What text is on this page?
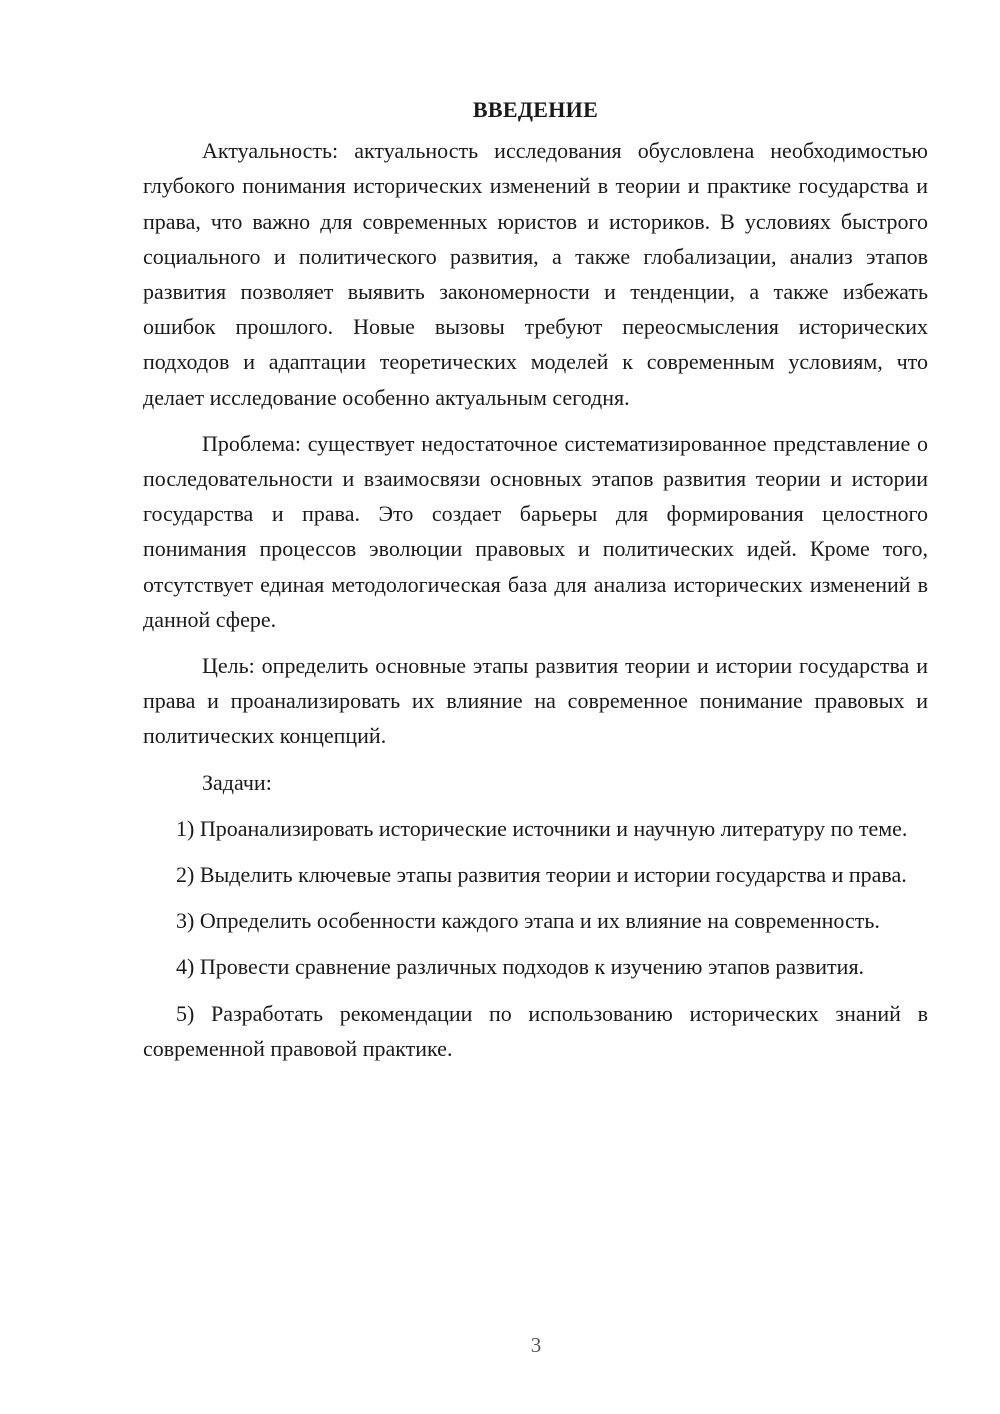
ВВЕДЕНИЕ

Актуальность: актуальность исследования обусловлена необходимостью глубокого понимания исторических изменений в теории и практике государства и права, что важно для современных юристов и историков. В условиях быстрого социального и политического развития, а также глобализации, анализ этапов развития позволяет выявить закономерности и тенденции, а также избежать ошибок прошлого. Новые вызовы требуют переосмысления исторических подходов и адаптации теоретических моделей к современным условиям, что делает исследование особенно актуальным сегодня.

Проблема: существует недостаточное систематизированное представление о последовательности и взаимосвязи основных этапов развития теории и истории государства и права. Это создает барьеры для формирования целостного понимания процессов эволюции правовых и политических идей. Кроме того, отсутствует единая методологическая база для анализа исторических изменений в данной сфере.

Цель: определить основные этапы развития теории и истории государства и права и проанализировать их влияние на современное понимание правовых и политических концепций.

Задачи:

1) Проанализировать исторические источники и научную литературу по теме.

2) Выделить ключевые этапы развития теории и истории государства и права.

3) Определить особенности каждого этапа и их влияние на современность.

4) Провести сравнение различных подходов к изучению этапов развития.

5) Разработать рекомендации по использованию исторических знаний в современной правовой практике.

3
